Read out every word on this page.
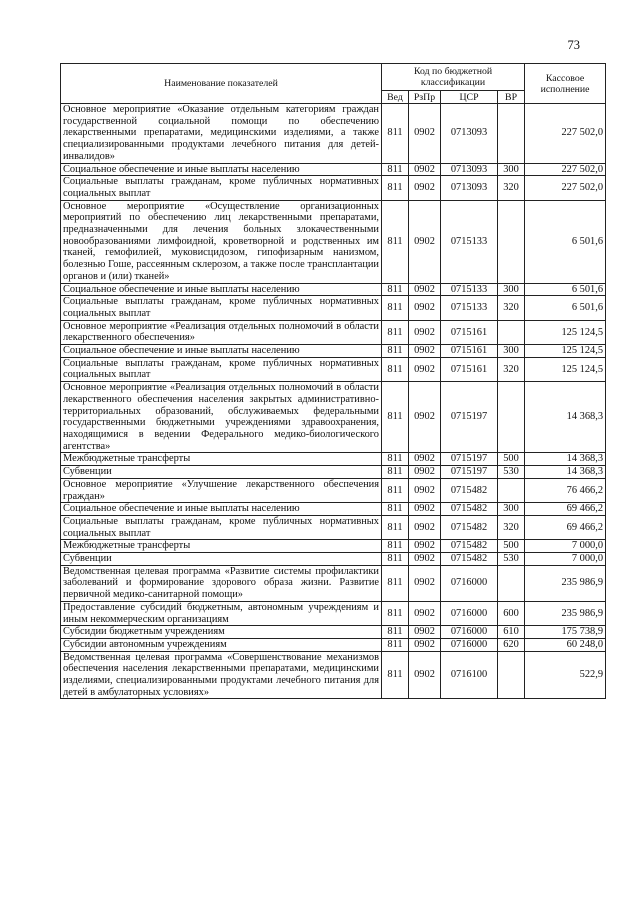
73
Наименование показателей	Код по бюджетной классификации				Кассовое исполнение
	Вед	РзПр	ЦСР	ВР	
Основное мероприятие «Оказание отдельным категориям граждан государственной социальной помощи по обеспечению лекарственными препаратами, медицинскими изделиями, а также специализированными продуктами лечебного питания для детей-инвалидов»	811	0902	0713093		227 502,0
Социальное обеспечение и иные выплаты населению	811	0902	0713093	300	227 502,0
Социальные выплаты гражданам, кроме публичных нормативных социальных выплат	811	0902	0713093	320	227 502,0
Основное мероприятие «Осуществление организационных мероприятий по обеспечению лиц лекарственными препаратами, предназначенными для лечения больных злокачественными новообразованиями лимфоидной, кроветворной и родственных им тканей, гемофилией, муковисцидозом, гипофизарным нанизмом, болезнью Гоше, рассеянным склерозом, а также после трансплантации органов и (или) тканей»	811	0902	0715133		6 501,6
Социальное обеспечение и иные выплаты населению	811	0902	0715133	300	6 501,6
Социальные выплаты гражданам, кроме публичных нормативных социальных выплат	811	0902	0715133	320	6 501,6
Основное мероприятие «Реализация отдельных полномочий в области лекарственного обеспечения»	811	0902	0715161		125 124,5
Социальное обеспечение и иные выплаты населению	811	0902	0715161	300	125 124,5
Социальные выплаты гражданам, кроме публичных нормативных социальных выплат	811	0902	0715161	320	125 124,5
Основное мероприятие «Реализация отдельных полномочий в области лекарственного обеспечения населения закрытых административно-территориальных образований, обслуживаемых федеральными государственными бюджетными учреждениями здравоохранения, находящимися в ведении Федерального медико-биологического агентства»	811	0902	0715197		14 368,3
Межбюджетные трансферты	811	0902	0715197	500	14 368,3
Субвенции	811	0902	0715197	530	14 368,3
Основное мероприятие «Улучшение лекарственного обеспечения граждан»	811	0902	0715482		76 466,2
Социальное обеспечение и иные выплаты населению	811	0902	0715482	300	69 466,2
Социальные выплаты гражданам, кроме публичных нормативных социальных выплат	811	0902	0715482	320	69 466,2
Межбюджетные трансферты	811	0902	0715482	500	7 000,0
Субвенции	811	0902	0715482	530	7 000,0
Ведомственная целевая программа «Развитие системы профилактики заболеваний и формирование здорового образа жизни. Развитие первичной медико-санитарной помощи»	811	0902	0716000		235 986,9
Предоставление субсидий бюджетным, автономным учреждениям и иным некоммерческим организациям	811	0902	0716000	600	235 986,9
Субсидии бюджетным учреждениям	811	0902	0716000	610	175 738,9
Субсидии автономным учреждениям	811	0902	0716000	620	60 248,0
Ведомственная целевая программа «Совершенствование механизмов обеспечения населения лекарственными препаратами, медицинскими изделиями, специализированными продуктами лечебного питания для детей в амбулаторных условиях»	811	0902	0716100		522,9
